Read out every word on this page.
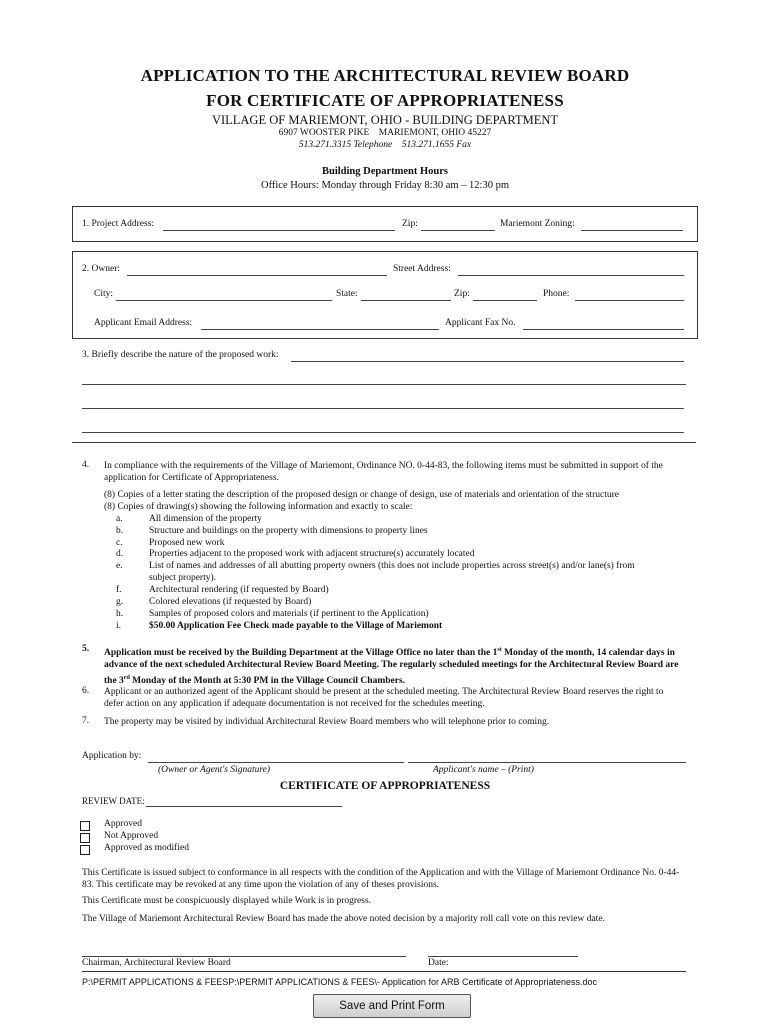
APPLICATION TO THE ARCHITECTURAL REVIEW BOARD
FOR CERTIFICATE OF APPROPRIATENESS
VILLAGE OF MARIEMONT, OHIO - BUILDING DEPARTMENT
6907 WOOSTER PIKE    MARIEMONT, OHIO 45227
513.271.3315 Telephone    513.271.1655 Fax
Building Department Hours
Office Hours: Monday through Friday 8:30 am – 12:30 pm
1. Project Address:	Zip:	Mariemont Zoning:
2. Owner:	Street Address:
City:	State:	Zip:	Phone:
Applicant Email Address:	Applicant Fax No.
3. Briefly describe the nature of the proposed work:
4. In compliance with the requirements of the Village of Mariemont, Ordinance NO. 0-44-83, the following items must be submitted in support of the application for Certificate of Appropriateness.
(8) Copies of a letter stating the description of the proposed design or change of design, use of materials and orientation of the structure
(8) Copies of drawing(s) showing the following information and exactly to scale:
a.	All dimension of the property
b.	Structure and buildings on the property with dimensions to property lines
c.	Proposed new work
d.	Properties adjacent to the proposed work with adjacent structure(s) accurately located
e.	List of names and addresses of all abutting property owners (this does not include properties across street(s) and/or lane(s) from
subject property).
f.	Architectural rendering (if requested by Board)
g.	Colored elevations (if requested by Board)
h.	Samples of proposed colors and materials (if pertinent to the Application)
i.	$50.00 Application Fee Check made payable to the Village of Mariemont
5. Application must be received by the Building Department at the Village Office no later than the 1st Monday of the month, 14 calendar days in advance of the next scheduled Architectural Review Board Meeting. The regularly scheduled meetings for the Architectural Review Board are the 3rd Monday of the Month at 5:30 PM in the Village Council Chambers.
6. Applicant or an authorized agent of the Applicant should be present at the scheduled meeting. The Architectural Review Board reserves the right to defer action on any application if adequate documentation is not received for the schedules meeting.
7. The property may be visited by individual Architectural Review Board members who will telephone prior to coming.
Application by:
(Owner or Agent's Signature)	Applicant's name – (Print)
CERTIFICATE OF APPROPRIATENESS
REVIEW DATE:
Approved
Not Approved
Approved as modified
This Certificate is issued subject to conformance in all respects with the condition of the Application and with the Village of Mariemont Ordinance No. 0-44-83. This certificate may be revoked at any time upon the violation of any of theses provisions.
This Certificate must be conspicuously displayed while Work is in progress.
The Village of Mariemont Architectural Review Board has made the above noted decision by a majority roll call vote on this review date.
Chairman, Architectural Review Board	Date:
P:\PERMIT APPLICATIONS & FEESP:\PERMIT APPLICATIONS & FEES\- Application for ARB Certificate of Appropriateness.doc
Save and Print Form
